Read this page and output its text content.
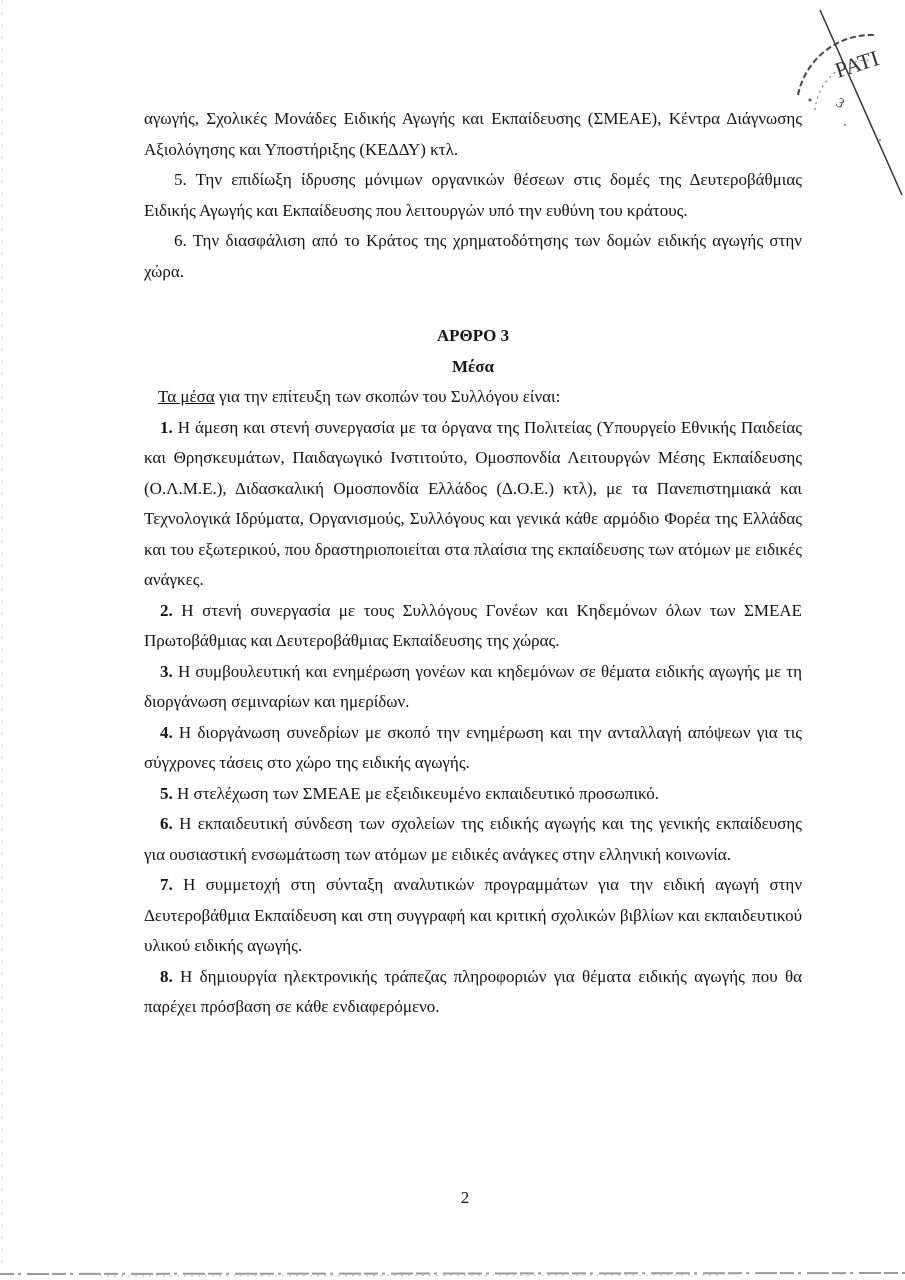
ΡΑΤΙ
3

αγωγής, Σχολικές Μονάδες Ειδικής Αγωγής και Εκπαίδευσης (ΣΜΕΑΕ), Κέντρα Διάγνωσης Αξιολόγησης και Υποστήριξης (ΚΕΔΔΥ) κτλ.

5. Την επιδίωξη ίδρυσης μόνιμων οργανικών θέσεων στις δομές της Δευτεροβάθμιας Ειδικής Αγωγής και Εκπαίδευσης που λειτουργών υπό την ευθύνη του κράτους.

6. Την διασφάλιση από το Κράτος της χρηματοδότησης των δομών ειδικής αγωγής στην χώρα.

ΑΡΘΡΟ 3

Μέσα

Τα μέσα για την επίτευξη των σκοπών του Συλλόγου είναι:

1. Η άμεση και στενή συνεργασία με τα όργανα της Πολιτείας (Υπουργείο Εθνικής Παιδείας και Θρησκευμάτων, Παιδαγωγικό Ινστιτούτο, Ομοσπονδία Λειτουργών Μέσης Εκπαίδευσης (Ο.Λ.Μ.Ε.), Διδασκαλική Ομοσπονδία Ελλάδος (Δ.Ο.Ε.) κτλ), με τα Πανεπιστημιακά και Τεχνολογικά Ιδρύματα, Οργανισμούς, Συλλόγους και γενικά κάθε αρμόδιο Φορέα της Ελλάδας και του εξωτερικού, που δραστηριοποιείται στα πλαίσια της εκπαίδευσης των ατόμων με ειδικές ανάγκες.

2. Η στενή συνεργασία με τους Συλλόγους Γονέων και Κηδεμόνων όλων των ΣΜΕΑΕ Πρωτοβάθμιας και Δευτεροβάθμιας Εκπαίδευσης της χώρας.

3. Η συμβουλευτική και ενημέρωση γονέων και κηδεμόνων σε θέματα ειδικής αγωγής με τη διοργάνωση σεμιναρίων και ημερίδων.

4. Η διοργάνωση συνεδρίων με σκοπό την ενημέρωση και την ανταλλαγή απόψεων για τις σύγχρονες τάσεις στο χώρο της ειδικής αγωγής.

5. Η στελέχωση των ΣΜΕΑΕ με εξειδικευμένο εκπαιδευτικό προσωπικό.

6. Η εκπαιδευτική σύνδεση των σχολείων της ειδικής αγωγής και της γενικής εκπαίδευσης για ουσιαστική ενσωμάτωση των ατόμων με ειδικές ανάγκες στην ελληνική κοινωνία.

7. Η συμμετοχή στη σύνταξη αναλυτικών προγραμμάτων για την ειδική αγωγή στην Δευτεροβάθμια Εκπαίδευση και στη συγγραφή και κριτική σχολικών βιβλίων και εκπαιδευτικού υλικού ειδικής αγωγής.

8. Η δημιουργία ηλεκτρονικής τράπεζας πληροφοριών για θέματα ειδικής αγωγής που θα παρέχει πρόσβαση σε κάθε ενδιαφερόμενο.

2
